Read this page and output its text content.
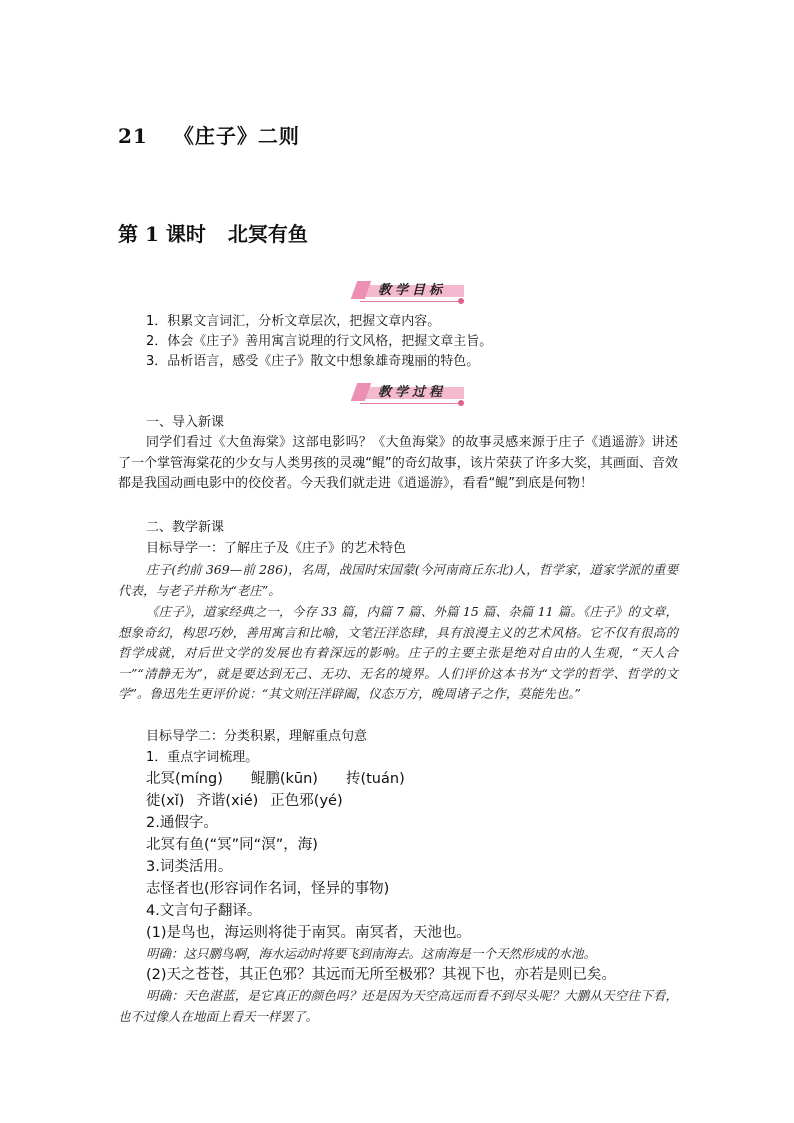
21 《庄子》二则
第 1 课时 北冥有鱼
教学目标
1．积累文言词汇，分析文章层次，把握文章内容。
2．体会《庄子》善用寓言说理的行文风格，把握文章主旨。
3．品析语言，感受《庄子》散文中想象雄奇瑰丽的特色。
教学过程
一、导入新课
同学们看过《大鱼海棠》这部电影吗？《大鱼海棠》的故事灵感来源于庄子《逍遥游》讲述了一个掌管海棠花的少女与人类男孩的灵魂“鲲”的奇幻故事，该片荣获了许多大奖，其画面、音效都是我国动画电影中的佼佼者。今天我们就走进《逍遥游》，看看“鲲”到底是何物！
二、教学新课
目标导学一：了解庄子及《庄子》的艺术特色
庄子(约前 369—前 286)，名周，战国时宋国蒙(今河南商丘东北)人，哲学家，道家学派的重要代表，与老子并称为“老庄”。
《庄子》，道家经典之一，今存 33 篇，内篇 7 篇、外篇 15 篇、杂篇 11 篇。《庄子》的文章，想象奇幻，构思巧妙，善用寓言和比喻，文笔汪洋恣肆，具有浪漫主义的艺术风格。它不仅有很高的哲学成就，对后世文学的发展也有着深远的影响。庄子的主要主张是绝对自由的人生观，“天人合一”“清静无为”，就是要达到无己、无功、无名的境界。人们评价这本书为“文学的哲学、哲学的文学”。鲁迅先生更评价说：“其文则汪洋辟阖，仪态万方，晚周诸子之作，莫能先也。”
目标导学二：分类积累，理解重点句意
1．重点字词梳理。
北冥(míng) 鲲鹏(kūn) 抟(tuán)
徙(xǐ) 齐谐(xié) 正色邪(yé)
2.通假字。
北冥有鱼(“冥”同“溟”，海)
3.词类活用。
志怪者也(形容词作名词，怪异的事物)
4.文言句子翻译。
(1)是鸟也，海运则将徙于南冥。南冥者，天池也。
明确：这只鹏鸟啊，海水运动时将要飞到南海去。这南海是一个天然形成的水池。
(2)天之苍苍，其正色邪？其远而无所至极邪？其视下也，亦若是则已矣。
明确：天色湛蓝，是它真正的颜色吗？还是因为天空高远而看不到尽头呢？大鹏从天空往下看，也不过像人在地面上看天一样罢了。
